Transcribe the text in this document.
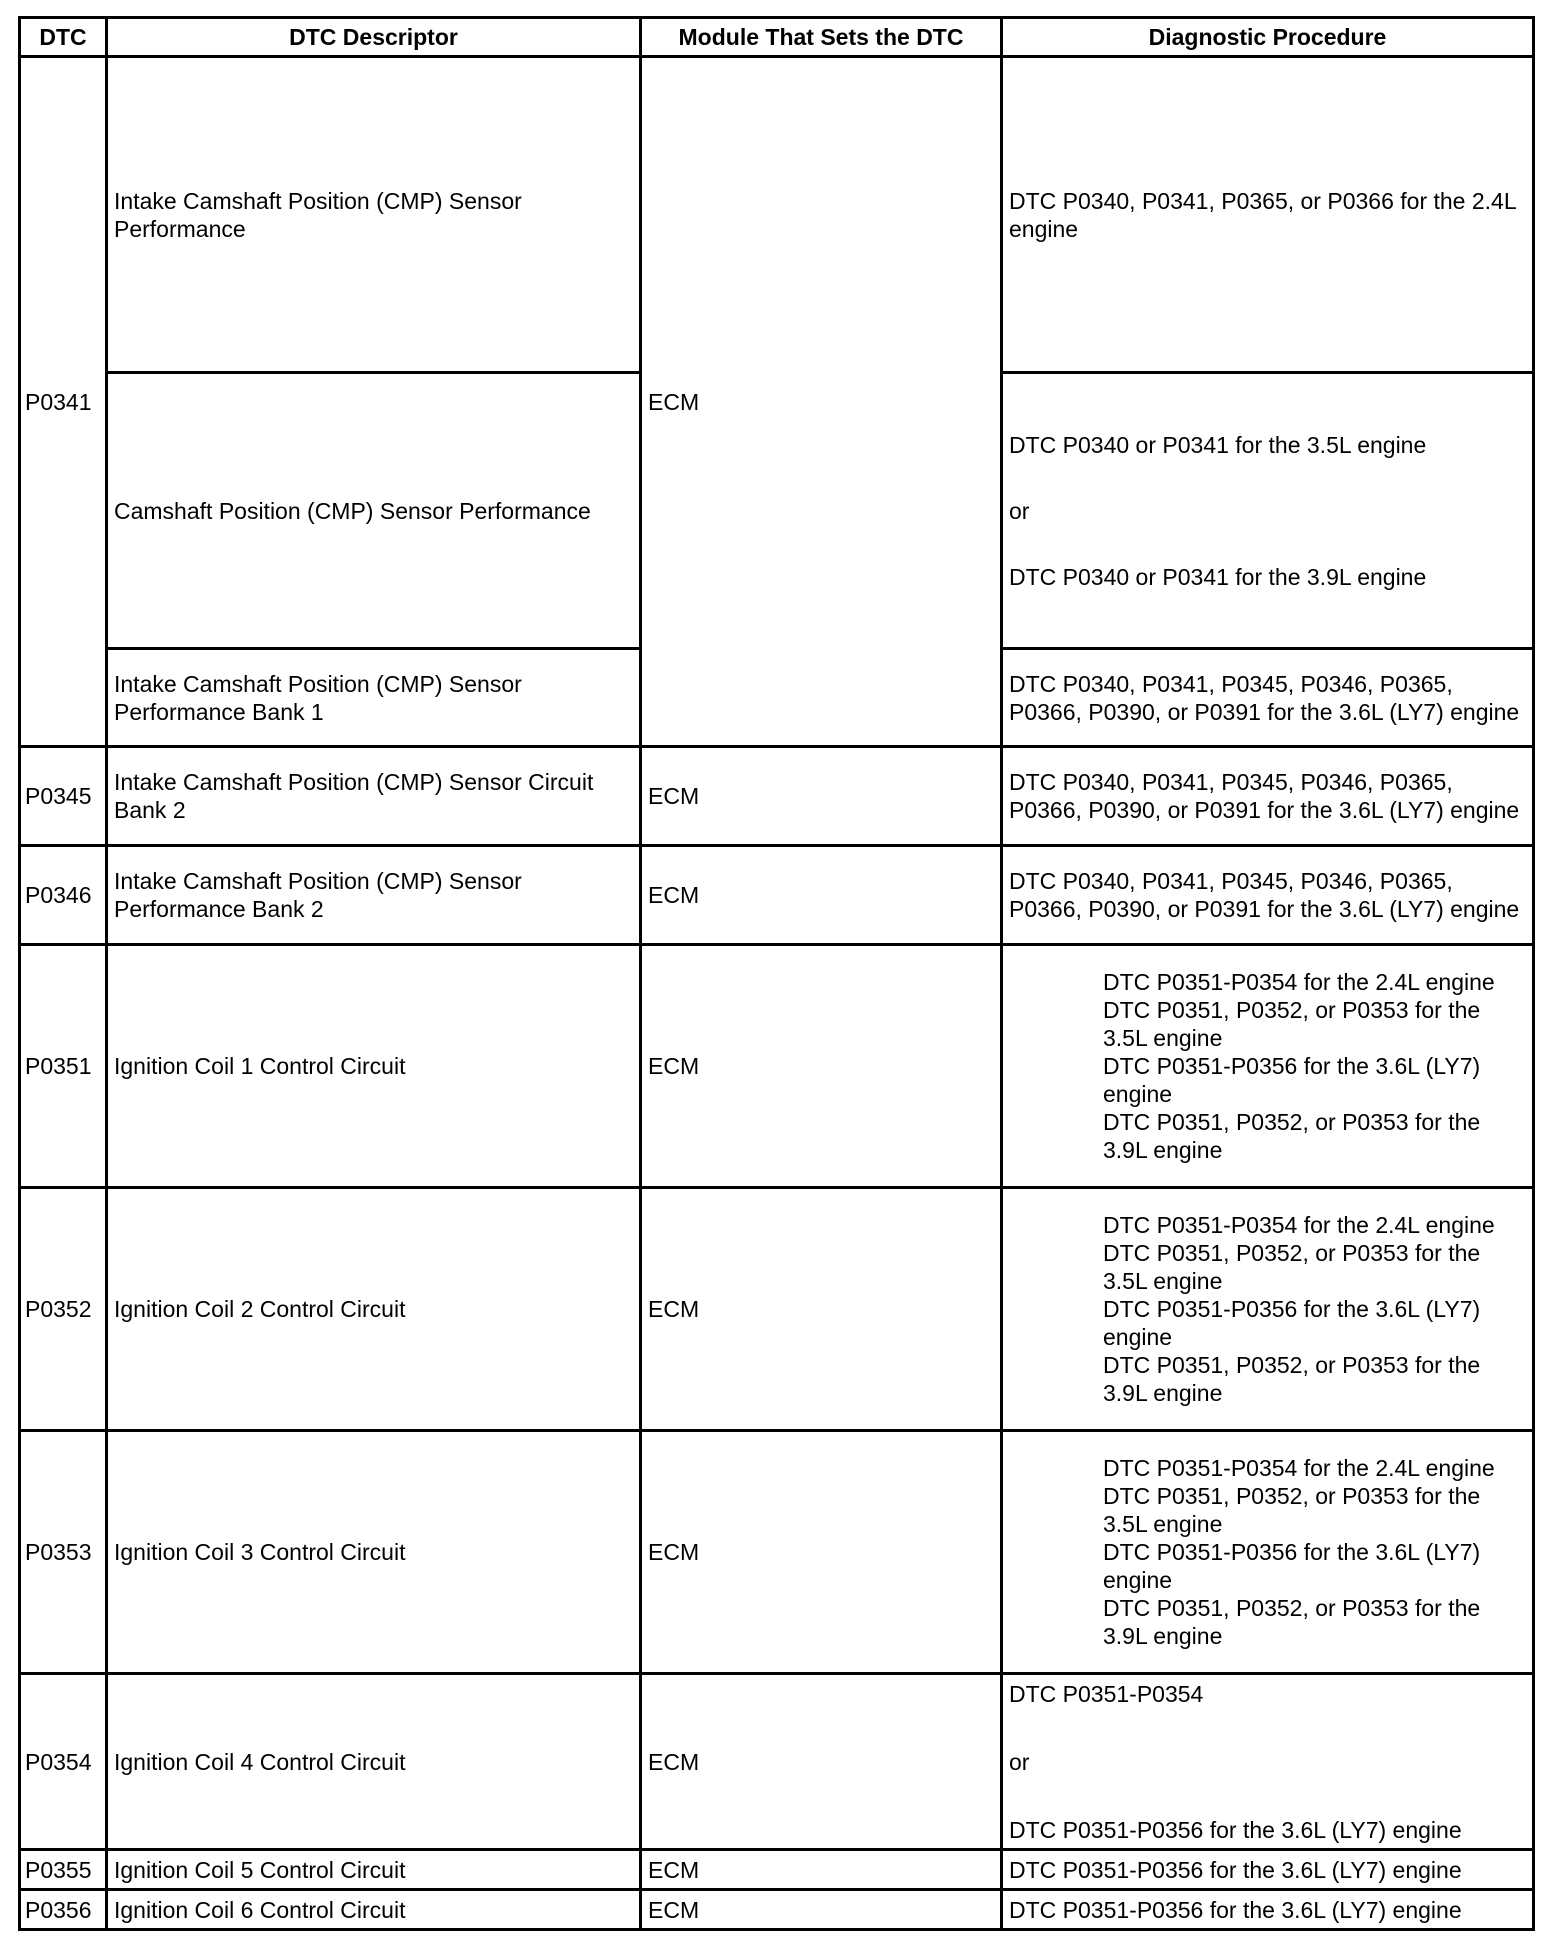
DTC	DTC Descriptor	Module That Sets the DTC	Diagnostic Procedure
P0341	Intake Camshaft Position (CMP) Sensor Performance	ECM	DTC P0340, P0341, P0365, or P0366 for the 2.4L engine
	Camshaft Position (CMP) Sensor Performance		DTC P0340 or P0341 for the 3.5L engine
or
DTC P0340 or P0341 for the 3.9L engine

	Intake Camshaft Position (CMP) Sensor Performance Bank 1		DTC P0340, P0341, P0345, P0346, P0365, P0366, P0390, or P0391 for the 3.6L (LY7) engine
P0345	Intake Camshaft Position (CMP) Sensor Circuit Bank 2	ECM	DTC P0340, P0341, P0345, P0346, P0365, P0366, P0390, or P0391 for the 3.6L (LY7) engine
P0346	Intake Camshaft Position (CMP) Sensor Performance Bank 2	ECM	DTC P0340, P0341, P0345, P0346, P0365, P0366, P0390, or P0391 for the 3.6L (LY7) engine
P0351	Ignition Coil 1 Control Circuit	ECM	DTC P0351-P0354 for the 2.4L engine
DTC P0351, P0352, or P0353 for the 3.5L engine
DTC P0351-P0356 for the 3.6L (LY7) engine
DTC P0351, P0352, or P0353 for the 3.9L engine

P0352	Ignition Coil 2 Control Circuit	ECM	DTC P0351-P0354 for the 2.4L engine
DTC P0351, P0352, or P0353 for the 3.5L engine
DTC P0351-P0356 for the 3.6L (LY7) engine
DTC P0351, P0352, or P0353 for the 3.9L engine

P0353	Ignition Coil 3 Control Circuit	ECM	DTC P0351-P0354 for the 2.4L engine
DTC P0351, P0352, or P0353 for the 3.5L engine
DTC P0351-P0356 for the 3.6L (LY7) engine
DTC P0351, P0352, or P0353 for the 3.9L engine

P0354	Ignition Coil 4 Control Circuit	ECM	DTC P0351-P0354
or
DTC P0351-P0356 for the 3.6L (LY7) engine

P0355	Ignition Coil 5 Control Circuit	ECM	DTC P0351-P0356 for the 3.6L (LY7) engine
P0356	Ignition Coil 6 Control Circuit	ECM	DTC P0351-P0356 for the 3.6L (LY7) engine
